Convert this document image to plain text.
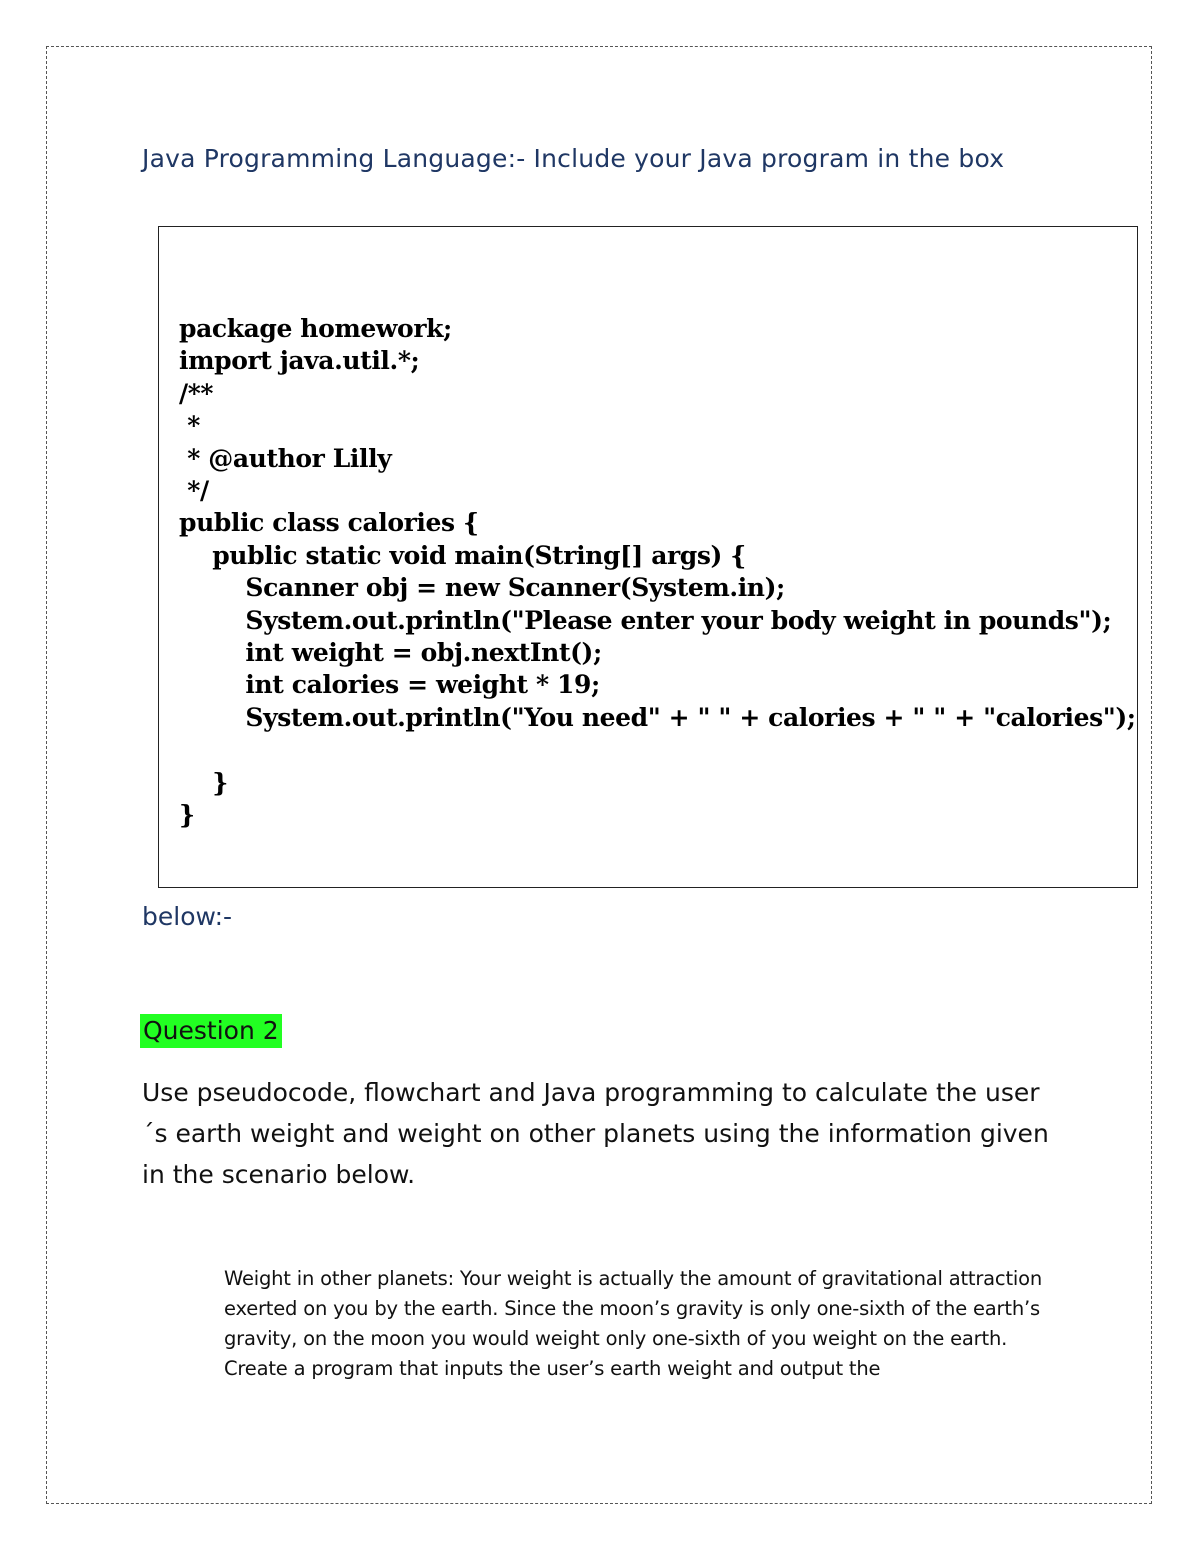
Java Programming Language:- Include your Java program in the box
package homework;
import java.util.*;
/**
*
* @author Lilly
*/
public class calories {
public static void main(String[] args) {
Scanner obj = new Scanner(System.in);
System.out.println("Please enter your body weight in pounds");
int weight = obj.nextInt();
int calories = weight * 19;
System.out.println("You need" + " " + calories + " " + "calories");

}
}
below:-
Question 2

Use pseudocode, flowchart and Java programming to calculate the user ´s earth weight and weight on other planets using the information given in the scenario below.

Weight in other planets: Your weight is actually the amount of gravitational attraction exerted on you by the earth. Since the moon’s gravity is only one-sixth of the earth’s gravity, on the moon you would weight only one-sixth of you weight on the earth. Create a program that inputs the user’s earth weight and output the
